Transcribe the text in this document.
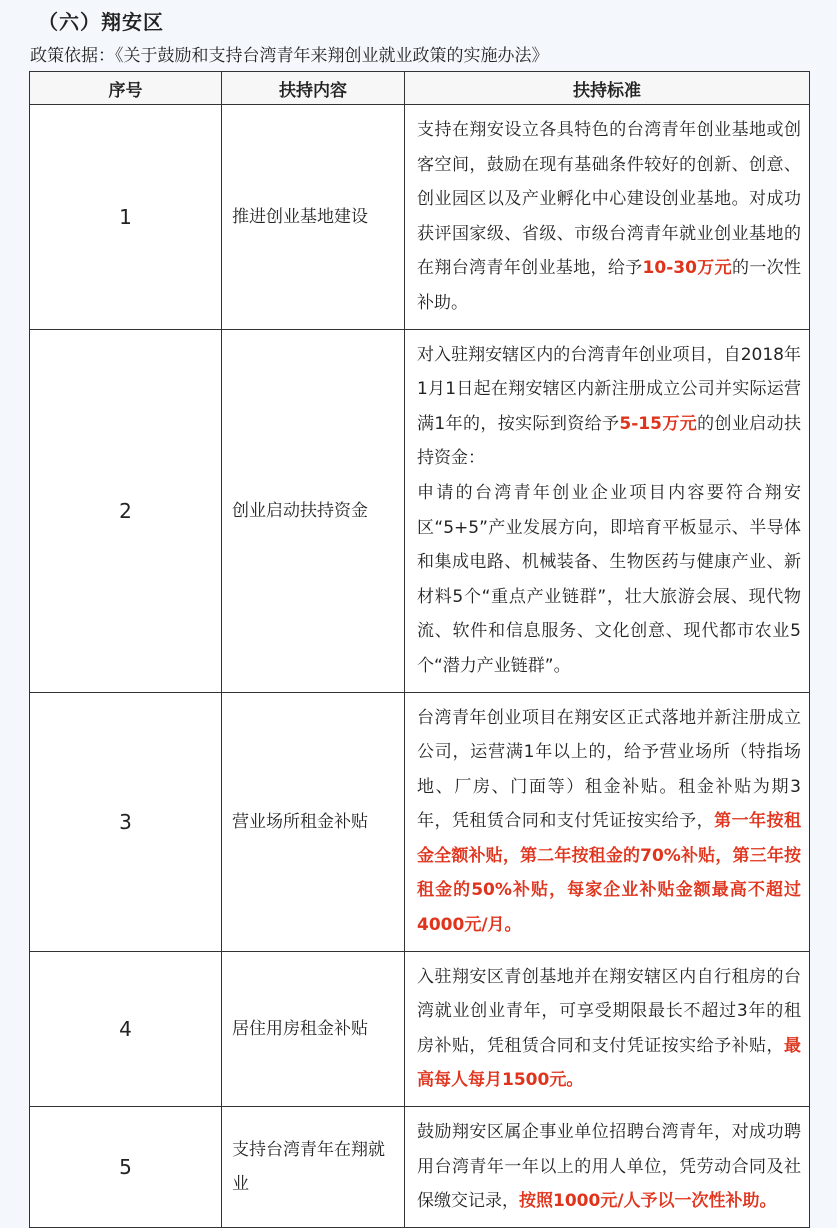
（六）翔安区
政策依据：《关于鼓励和支持台湾青年来翔创业就业政策的实施办法》
序号	扶持内容	扶持标准
1	推进创业基地建设	支持在翔安设立各具特色的台湾青年创业基地或创客空间，鼓励在现有基础条件较好的创新、创意、创业园区以及产业孵化中心建设创业基地。对成功获评国家级、省级、市级台湾青年就业创业基地的在翔台湾青年创业基地，给予10-30万元的一次性补助。
2	创业启动扶持资金	对入驻翔安辖区内的台湾青年创业项目，自2018年1月1日起在翔安辖区内新注册成立公司并实际运营满1年的，按实际到资给予5-15万元的创业启动扶持资金：
申请的台湾青年创业企业项目内容要符合翔安区“5+5”产业发展方向，即培育平板显示、半导体和集成电路、机械装备、生物医药与健康产业、新材料5个“重点产业链群”，壮大旅游会展、现代物流、软件和信息服务、文化创意、现代都市农业5个“潜力产业链群”。
3	营业场所租金补贴	台湾青年创业项目在翔安区正式落地并新注册成立公司，运营满1年以上的，给予营业场所（特指场地、厂房、门面等）租金补贴。租金补贴为期3年，凭租赁合同和支付凭证按实给予，第一年按租金全额补贴，第二年按租金的70%补贴，第三年按租金的50%补贴，每家企业补贴金额最高不超过4000元/月。
4	居住用房租金补贴	入驻翔安区青创基地并在翔安辖区内自行租房的台湾就业创业青年，可享受期限最长不超过3年的租房补贴，凭租赁合同和支付凭证按实给予补贴，最高每人每月1500元。
5	支持台湾青年在翔就业	鼓励翔安区属企事业单位招聘台湾青年，对成功聘用台湾青年一年以上的用人单位，凭劳动合同及社保缴交记录，按照1000元/人予以一次性补助。
